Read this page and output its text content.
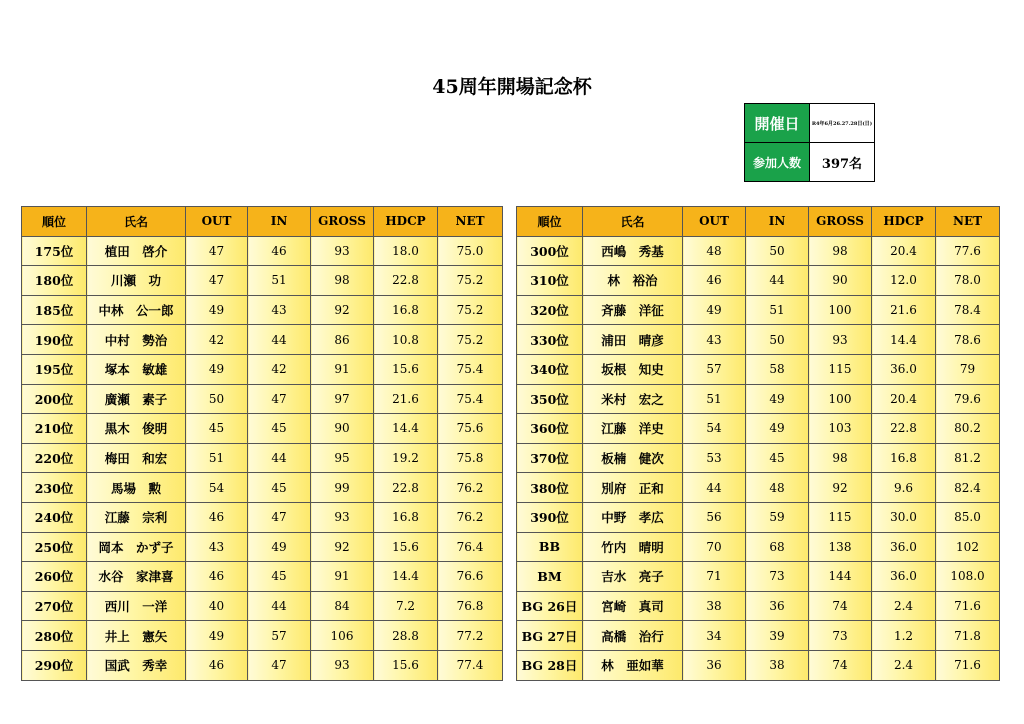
45周年開場記念杯
開催日	R4年6月26.27.28日(日)
参加人数	397名
順位	氏名	OUT	IN	GROSS	HDCP	NET
175位	植田　啓介	47	46	93	18.0	75.0
180位	川瀬　功	47	51	98	22.8	75.2
185位	中林　公一郎	49	43	92	16.8	75.2
190位	中村　勢治	42	44	86	10.8	75.2
195位	塚本　敏雄	49	42	91	15.6	75.4
200位	廣瀬　素子	50	47	97	21.6	75.4
210位	黒木　俊明	45	45	90	14.4	75.6
220位	梅田　和宏	51	44	95	19.2	75.8
230位	馬場　勲	54	45	99	22.8	76.2
240位	江藤　宗利	46	47	93	16.8	76.2
250位	岡本　かず子	43	49	92	15.6	76.4
260位	水谷　家津喜	46	45	91	14.4	76.6
270位	西川　一洋	40	44	84	7.2	76.8
280位	井上　憲矢	49	57	106	28.8	77.2
290位	国武　秀幸	46	47	93	15.6	77.4
順位	氏名	OUT	IN	GROSS	HDCP	NET
300位	西嶋　秀基	48	50	98	20.4	77.6
310位	林　裕治	46	44	90	12.0	78.0
320位	斉藤　洋征	49	51	100	21.6	78.4
330位	浦田　晴彦	43	50	93	14.4	78.6
340位	坂根　知史	57	58	115	36.0	79
350位	米村　宏之	51	49	100	20.4	79.6
360位	江藤　洋史	54	49	103	22.8	80.2
370位	板楠　健次	53	45	98	16.8	81.2
380位	別府　正和	44	48	92	9.6	82.4
390位	中野　孝広	56	59	115	30.0	85.0
BB	竹内　晴明	70	68	138	36.0	102
BM	吉水　亮子	71	73	144	36.0	108.0
BG 26日	宮崎　真司	38	36	74	2.4	71.6
BG 27日	高橋　治行	34	39	73	1.2	71.8
BG 28日	林　亜如華	36	38	74	2.4	71.6
